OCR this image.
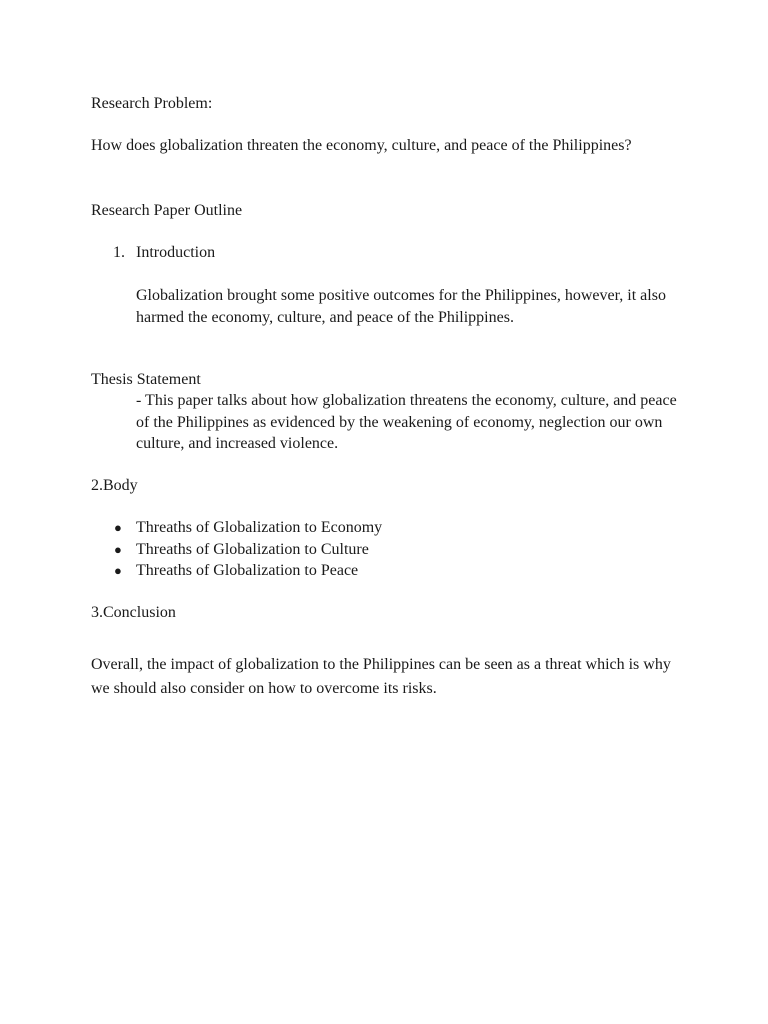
Research Problem:
How does globalization threaten the economy, culture, and peace of the Philippines?
Research Paper Outline
1. Introduction
Globalization brought some positive outcomes for the Philippines, however, it also harmed the economy, culture, and peace of the Philippines.
Thesis Statement
- This paper talks about how globalization threatens the economy, culture, and peace of the Philippines as evidenced by the weakening of economy, neglection our own culture, and increased violence.
2.Body
● Threaths of Globalization to Economy
● Threaths of Globalization to Culture
● Threaths of Globalization to Peace
3.Conclusion
Overall, the impact of globalization to the Philippines can be seen as a threat which is why we should also consider on how to overcome its risks.
